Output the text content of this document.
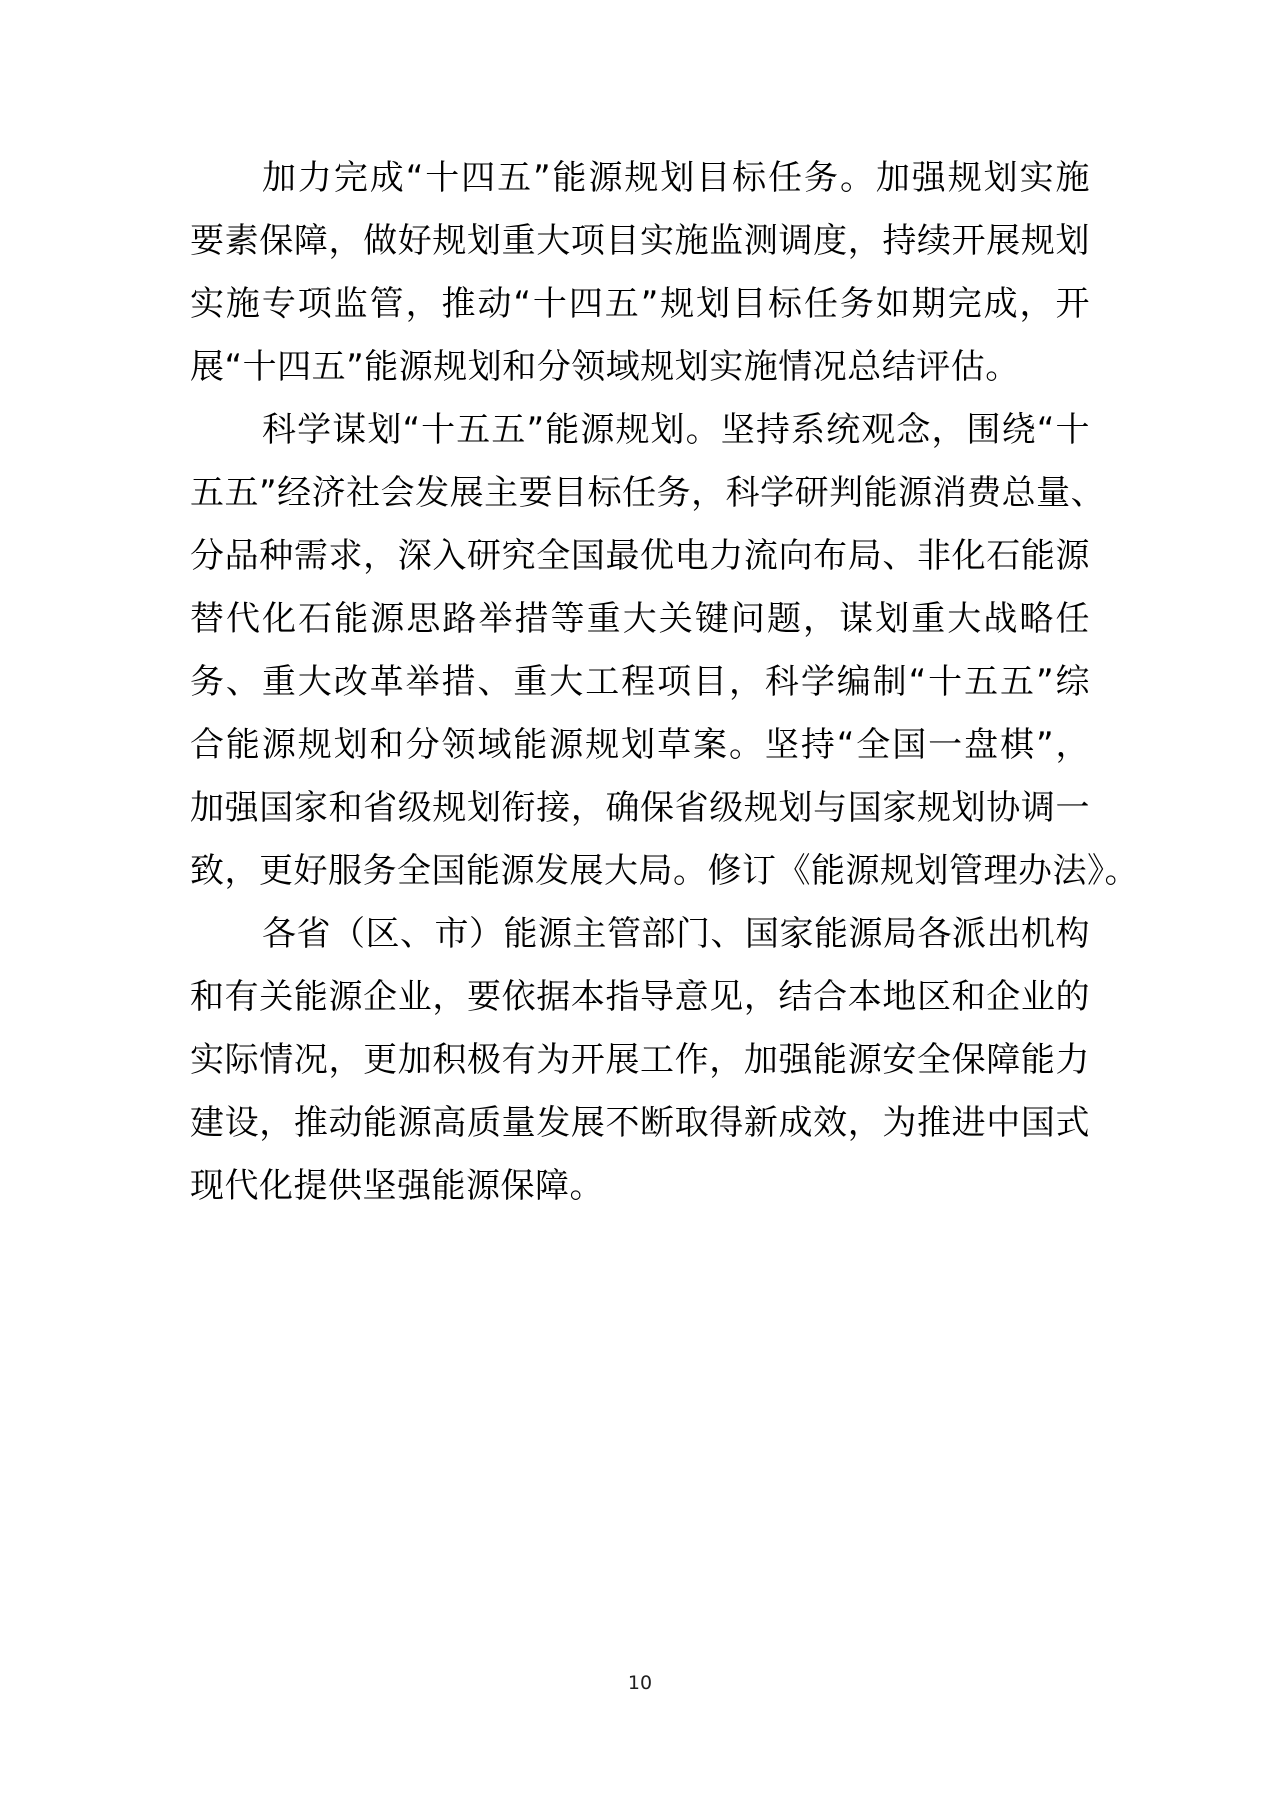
加力完成“十四五”能源规划目标任务。加强规划实施
要素保障，做好规划重大项目实施监测调度，持续开展规划
实施专项监管，推动“十四五”规划目标任务如期完成，开
展“十四五”能源规划和分领域规划实施情况总结评估。

科学谋划“十五五”能源规划。坚持系统观念，围绕“十
五五”经济社会发展主要目标任务，科学研判能源消费总量、
分品种需求，深入研究全国最优电力流向布局、非化石能源
替代化石能源思路举措等重大关键问题，谋划重大战略任
务、重大改革举措、重大工程项目，科学编制“十五五”综
合能源规划和分领域能源规划草案。坚持“全国一盘棋”，
加强国家和省级规划衔接，确保省级规划与国家规划协调一
致，更好服务全国能源发展大局。修订《能源规划管理办法》。

各省（区、市）能源主管部门、国家能源局各派出机构
和有关能源企业，要依据本指导意见，结合本地区和企业的
实际情况，更加积极有为开展工作，加强能源安全保障能力
建设，推动能源高质量发展不断取得新成效，为推进中国式
现代化提供坚强能源保障。

10
